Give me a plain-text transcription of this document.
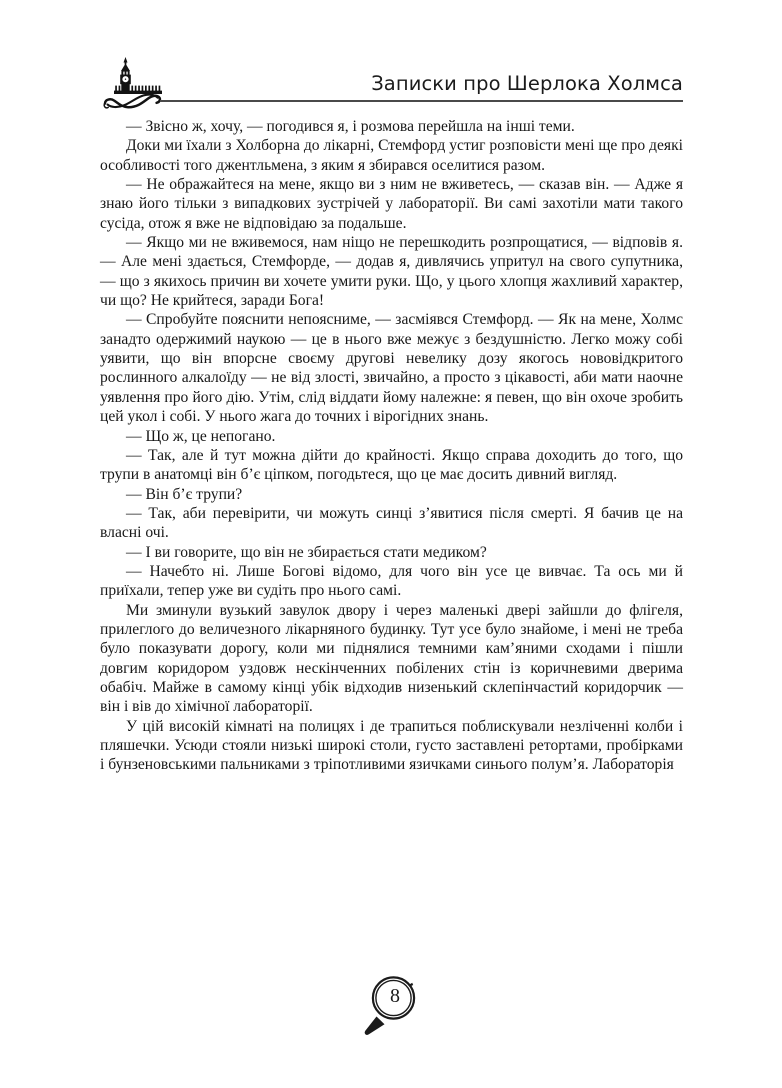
Записки про Шерлока Холмса

— Звісно ж, хочу, — погодився я, і розмова перейшла на інші теми.

Доки ми їхали з Холборна до лікарні, Стемфорд устиг розповісти мені ще про деякі особливості того джентльмена, з яким я збирався оселитися разом.

— Не ображайтеся на мене, якщо ви з ним не вживетесь, — сказав він. — Адже я знаю його тільки з випадкових зустрічей у лабораторії. Ви самі захотіли мати такого сусіда, отож я вже не відповідаю за подальше.

— Якщо ми не вживемося, нам ніщо не перешкодить розпрощатися, — відповів я. — Але мені здається, Стемфорде, — додав я, дивлячись упритул на свого супутника, — що з якихось причин ви хочете умити руки. Що, у цього хлопця жахливий характер, чи що? Не крийтеся, заради Бога!

— Спробуйте пояснити непоясниме, — засміявся Стемфорд. — Як на мене, Холмс занадто одержимий наукою — це в нього вже межує з бездушністю. Легко можу собі уявити, що він впорсне своєму другові невелику дозу якогось нововідкритого рослинного алкалоїду — не від злості, звичайно, а просто з цікавості, аби мати наочне уявлення про його дію. Утім, слід віддати йому належне: я певен, що він охоче зробить цей укол і собі. У нього жага до точних і вірогідних знань.

— Що ж, це непогано.

— Так, але й тут можна дійти до крайності. Якщо справа доходить до того, що трупи в анатомці він б’є ціпком, погодьтеся, що це має досить дивний вигляд.

— Він б’є трупи?

— Так, аби перевірити, чи можуть синці з’явитися після смерті. Я бачив це на власні очі.

— І ви говорите, що він не збирається стати медиком?

— Начебто ні. Лише Богові відомо, для чого він усе це вивчає. Та ось ми й приїхали, тепер уже ви судіть про нього самі.

Ми зминули вузький завулок двору і через маленькі двері зайшли до флігеля, прилеглого до величезного лікарняного будинку. Тут усе було знайоме, і мені не треба було показувати дорогу, коли ми піднялися темними кам’яними сходами і пішли довгим коридором уздовж нескінченних побілених стін із коричневими дверима обабіч. Майже в самому кінці убік відходив низенький склепінчастий коридорчик — він і вів до хімічної лабораторії.

У цій високій кімнаті на полицях і де трапиться поблискували незліченні колби і пляшечки. Усюди стояли низькі широкі столи, густо заставлені ретортами, пробірками і бунзеновськими пальниками з тріпотливими язичками синього полум’я. Лабораторія

8
